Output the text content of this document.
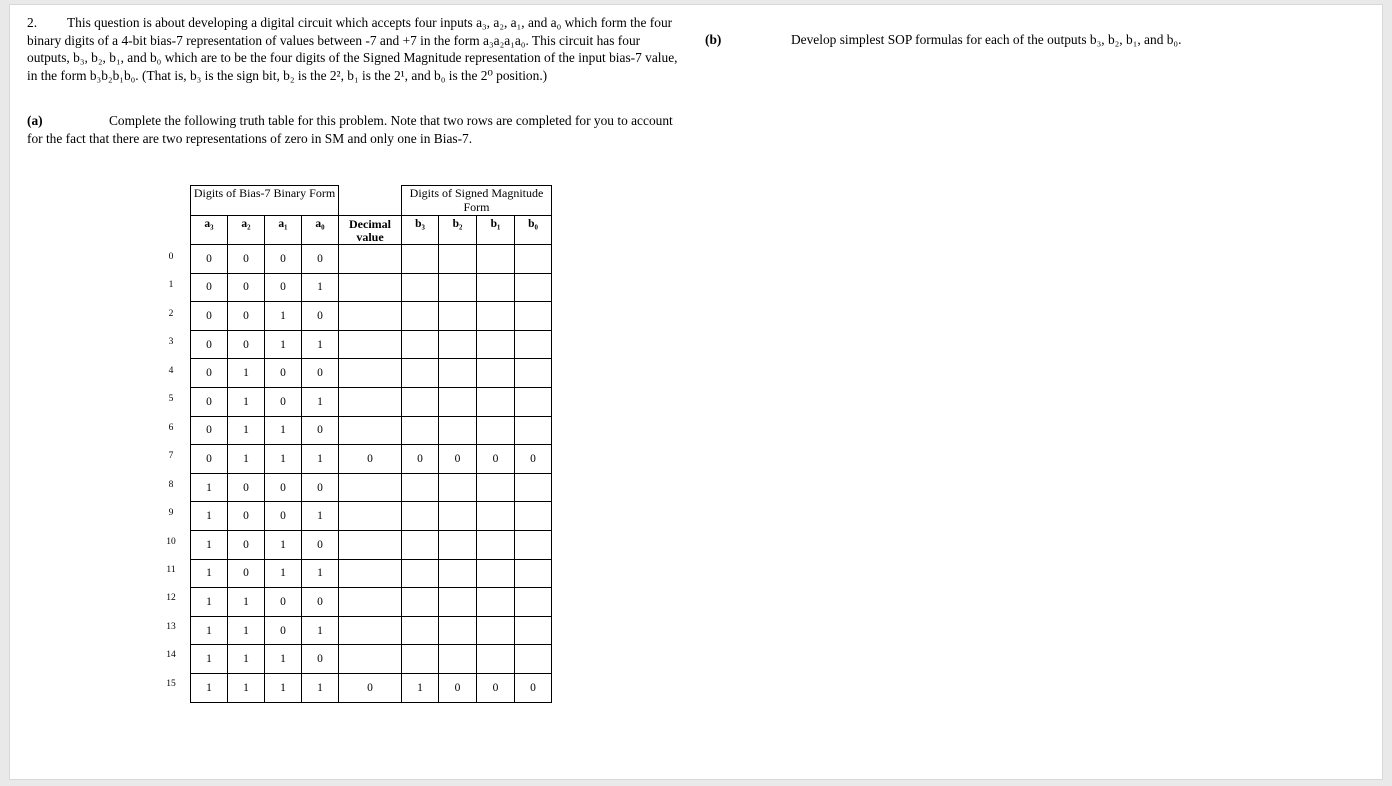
2. This question is about developing a digital circuit which accepts four inputs a₃, a₂, a₁, and a₀ which form the four binary digits of a 4-bit bias-7 representation of values between -7 and +7 in the form a₃a₂a₁a₀. This circuit has four outputs, b₃, b₂, b₁, and b₀ which are to be the four digits of the Signed Magnitude representation of the input bias-7 value, in the form b₃b₂b₁b₀. (That is, b₃ is the sign bit, b₂ is the 2², b₁ is the 2¹, and b₀ is the 2⁰ position.)
(a)	Complete the following truth table for this problem. Note that two rows are completed for you to account for the fact that there are two representations of zero in SM and only one in Bias-7.
(b)	Develop simplest SOP formulas for each of the outputs b₃, b₂, b₁, and b₀.
0
1
2
3
4
5
6
7
8
9
10
11
12
13
14
15
Digits of Bias-7 Binary Form					Digits of Signed Magnitude Form			
a₃	a₂	a₁	a₀	Decimal value	b₃	b₂	b₁	b₀
0	0	0	0					
0	0	0	1					
0	0	1	0					
0	0	1	1					
0	1	0	0					
0	1	0	1					
0	1	1	0					
0	1	1	1	0	0	0	0	0
1	0	0	0					
1	0	0	1					
1	0	1	0					
1	0	1	1					
1	1	0	0					
1	1	0	1					
1	1	1	0					
1	1	1	1	0	1	0	0	0
